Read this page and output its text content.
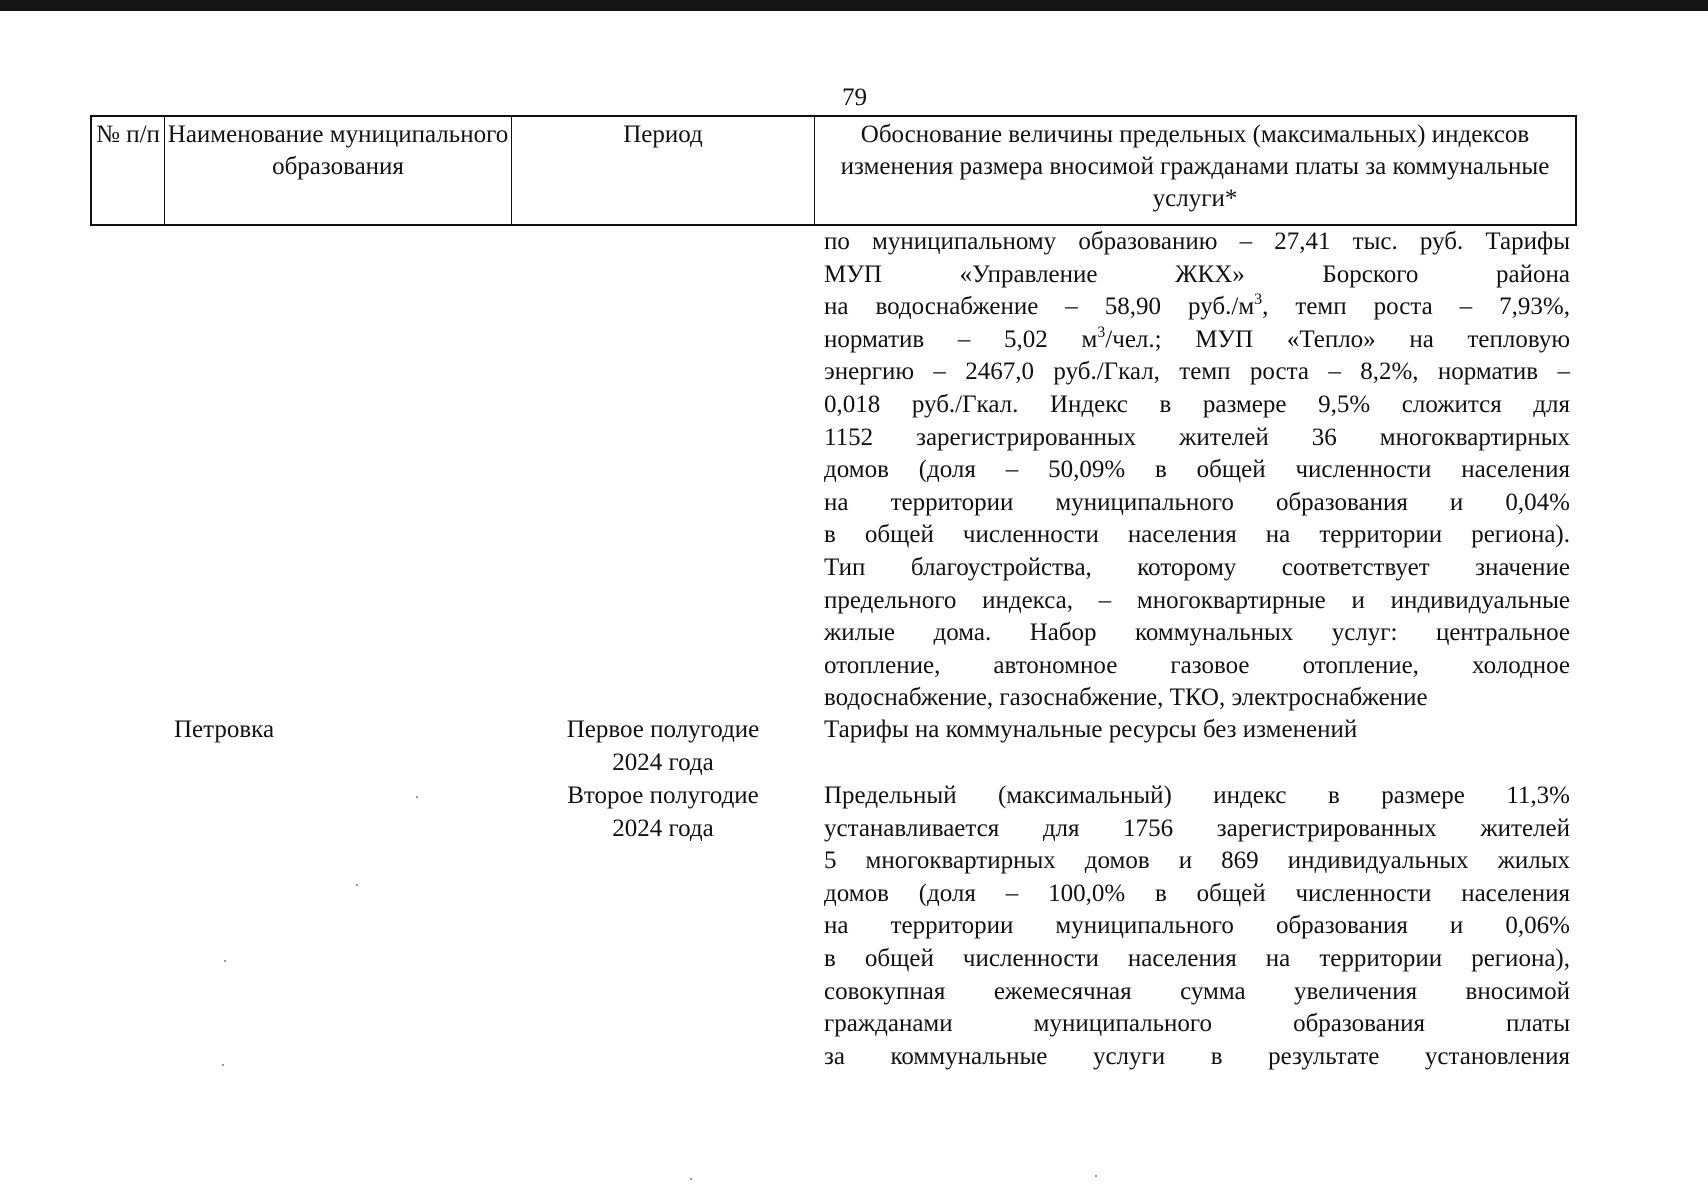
79
№ п/п Наименование муниципального образования
Период	Обоснование величины предельных (максимальных) индексов изменения размера вносимой гражданами платы за коммунальные услуги*
по муниципальному образованию – 27,41 тыс. руб. Тарифы
МУП «Управление ЖКХ» Борского района
на водоснабжение – 58,90 $руб./м^3$, темп роста – 7,93%,
норматив – 5,02 $м^3$/чел.; МУП «Тепло» на тепловую
энергию – 2467,0 руб./Гкал, темп роста – 8,2%, норматив –
0,018 руб./Гкал. Индекс в размере 9,5% сложится для
1152 зарегистрированных жителей 36 многоквартирных
домов (доля – 50,09% в общей численности населения
на территории муниципального образования и 0,04%
в общей численности населения на территории региона).
Тип благоустройства, которому соответствует значение
предельного индекса, – многоквартирные и индивидуальные
жилые дома. Набор коммунальных услуг: центральное
отопление, автономное газовое отопление, холодное
водоснабжение, газоснабжение, ТКО, электроснабжение
Петровка	Первое полугодие
2024 года
Тарифы на коммунальные ресурсы без изменений
Второе полугодие
2024 года
Предельный (максимальный) индекс в размере 11,3%
устанавливается для 1756 зарегистрированных жителей
5 многоквартирных домов и 869 индивидуальных жилых
домов (доля – 100,0% в общей численности населения
на территории муниципального образования и 0,06%
в общей численности населения на территории региона),
совокупная ежемесячная сумма увеличения вносимой
гражданами муниципального образования платы
за коммунальные услуги в результате установления
